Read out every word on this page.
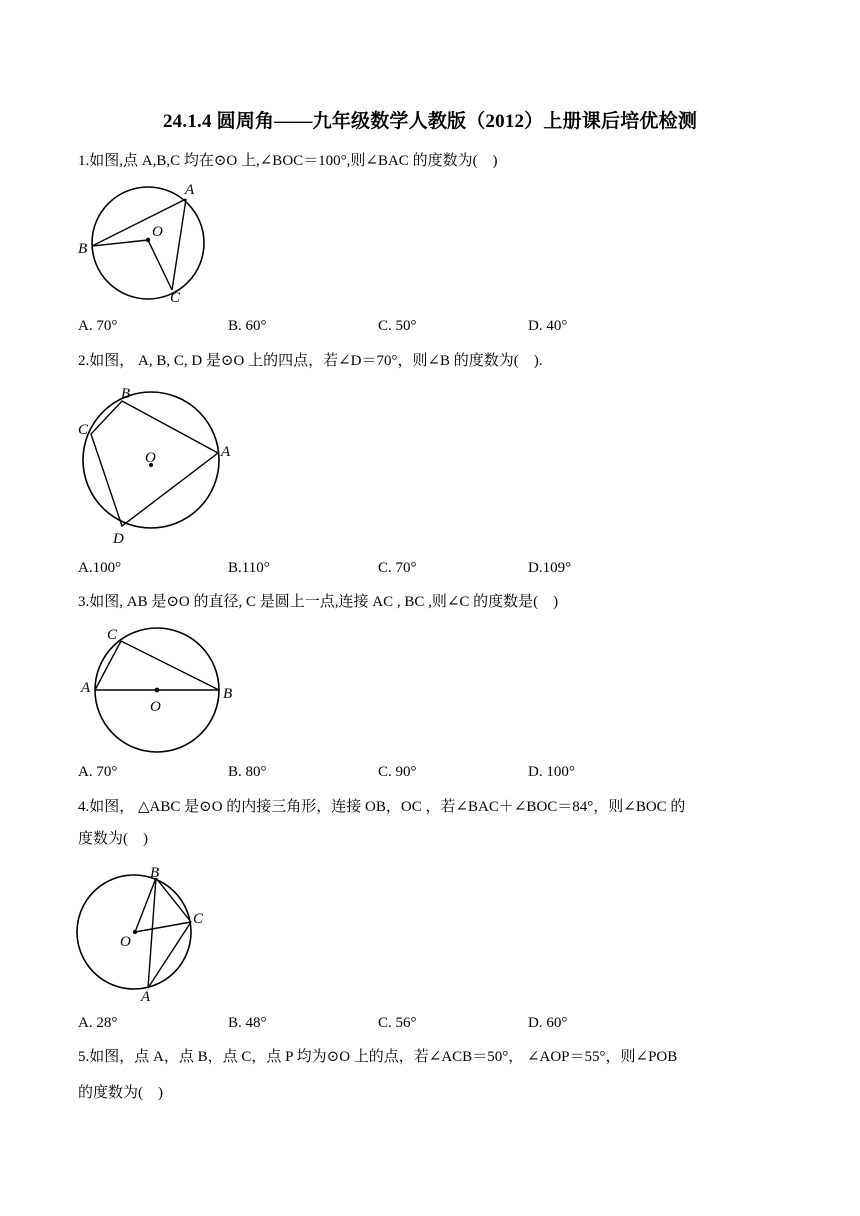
24.1.4 圆周角——九年级数学人教版（2012）上册课后培优检测
1.如图,点 A,B,C 均在⊙O 上,∠BOC＝100°,则∠BAC 的度数为(　)
A
B
C
O
A. 70°	B. 60°	C. 50°	D. 40°
2.如图， A, B, C, D 是⊙O 上的四点，若∠D＝70°，则∠B 的度数为(　).
A
B
C
D
O
A.100°	B.110°	C. 70°	D.109°
3.如图, AB 是⊙O 的直径, C 是圆上一点,连接 AC , BC ,则∠C 的度数是(　)
A	B
C
O
A. 70°	B. 80°	C. 90°	D. 100°
4.如图， △ABC 是⊙O 的内接三角形，连接 OB，OC ，若∠BAC＋∠BOC＝84°，则∠BOC 的
度数为(　)
A
B
C
O
A. 28°	B. 48°	C. 56°	D. 60°
5.如图，点 A，点 B，点 C，点 P 均为⊙O 上的点，若∠ACB＝50°， ∠AOP＝55°，则∠POB
的度数为(　)
